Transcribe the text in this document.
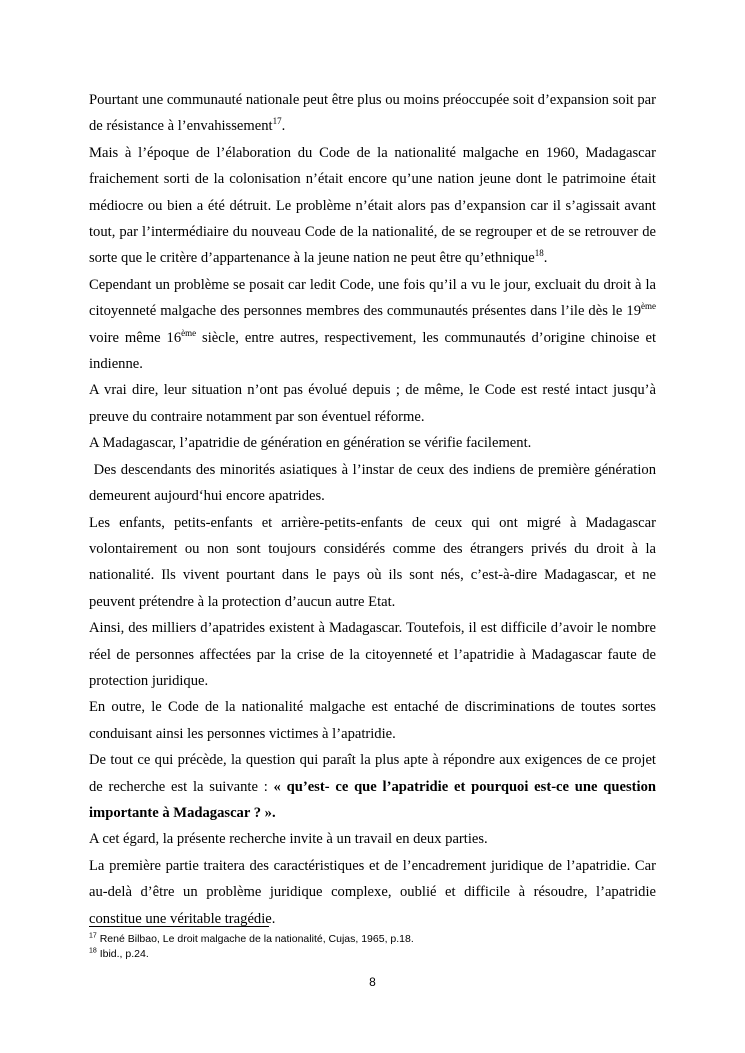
Pourtant une communauté nationale peut être plus ou moins préoccupée soit d’expansion soit par de résistance à l’envahissement$^{17}$.

Mais à l’époque de l’élaboration du Code de la nationalité malgache en 1960, Madagascar fraichement sorti de la colonisation n’était encore qu’une nation jeune dont le patrimoine était médiocre ou bien a été détruit. Le problème n’était alors pas d’expansion car il s’agissait avant tout, par l’intermédiaire du nouveau Code de la nationalité, de se regrouper et de se retrouver de sorte que le critère d’appartenance à la jeune nation ne peut être qu’ethnique$^{18}$.

Cependant un problème se posait car ledit Code, une fois qu’il a vu le jour, excluait du droit à la citoyenneté malgache des personnes membres des communautés présentes dans l’ile dès le 19ème voire même 16ème siècle, entre autres, respectivement, les communautés d’origine chinoise et indienne.

A vrai dire, leur situation n’ont pas évolué depuis ; de même, le Code est resté intact jusqu’à preuve du contraire notamment par son éventuel réforme.

A Madagascar, l’apatridie de génération en génération se vérifie facilement.

Des descendants des minorités asiatiques à l’instar de ceux des indiens de première génération demeurent aujourd‘hui encore apatrides.

Les enfants, petits-enfants et arrière-petits-enfants de ceux qui ont migré à Madagascar volontairement ou non sont toujours considérés comme des étrangers privés du droit à la nationalité. Ils vivent pourtant dans le pays où ils sont nés, c’est-à-dire Madagascar, et ne peuvent prétendre à la protection d’aucun autre Etat.

Ainsi, des milliers d’apatrides existent à Madagascar. Toutefois, il est difficile d’avoir le nombre réel de personnes affectées par la crise de la citoyenneté et l’apatridie à Madagascar faute de protection juridique.

En outre, le Code de la nationalité malgache est entaché de discriminations de toutes sortes conduisant ainsi les personnes victimes à l’apatridie.

De tout ce qui précède, la question qui paraît la plus apte à répondre aux exigences de ce projet de recherche est la suivante : « qu’est- ce que l’apatridie et pourquoi est-ce une question importante à Madagascar ? ».

A cet égard, la présente recherche invite à un travail en deux parties.

La première partie traitera des caractéristiques et de l’encadrement juridique de l’apatridie. Car au-delà d’être un problème juridique complexe, oublié et difficile à résoudre, l’apatridie constitue une véritable tragédie.

$^{17}$ René Bilbao, Le droit malgache de la nationalité, Cujas, 1965, p.18.

$^{18}$ Ibid., p.24.

8
